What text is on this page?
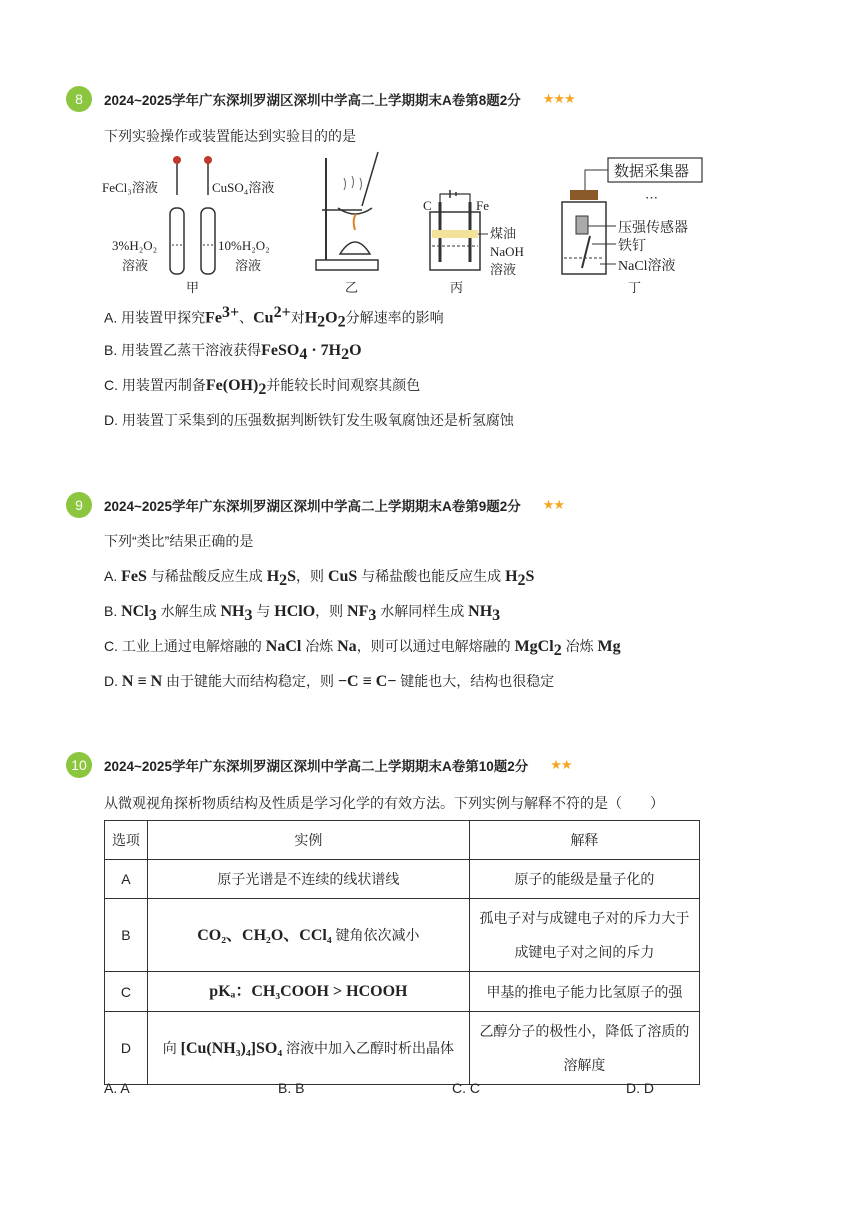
8	2024~2025学年广东深圳罗湖区深圳中学高二上学期期末A卷第8题2分 ★★★
下列实验操作或装置能达到实验目的的是
FeCl₃溶液	CuSO₄溶液
3%H₂O₂
溶液
10%H₂O₂
溶液
甲	乙
C	Fe
煤油
NaOH
溶液
丙
数据采集器
⋯
压强传感器
铁钉
NaCl溶液
丁
A. 用装置甲探究$Fe^{3+}$、$Cu^{2+}$对$H_2O_2$分解速率的影响
B. 用装置乙蒸干溶液获得FeSO$_4$ · $7H_2O$
C. 用装置丙制备$Fe(OH)_2$并能较长时间观察其颜色
D. 用装置丁采集到的压强数据判断铁钉发生吸氧腐蚀还是析氢腐蚀
9	2024~2025学年广东深圳罗湖区深圳中学高二上学期期末A卷第9题2分 ★★
下列“类比”结果正确的是
A. FeS 与稀盐酸反应生成 $H_2S$，则 CuS 与稀盐酸也能反应生成 $H_2S$
B. NCl$_3$ 水解生成 $NH_3$ 与 HClO，则 $NF_3$ 水解同样生成 $NH_3$
C. 工业上通过电解熔融的 NaCl 冶炼 Na，则可以通过电解熔融的 MgCl$_2$ 冶炼 Mg
D. N ≡ N 由于键能大而结构稳定，则 −C ≡ C− 键能也大，结构也很稳定
10	2024~2025学年广东深圳罗湖区深圳中学高二上学期期末A卷第10题2分 ★★
从微观视角探析物质结构及性质是学习化学的有效方法。下列实例与解释不符的是（　　）
选项	实例	解释
A	原子光谱是不连续的线状谱线	原子的能级是量子化的
B	CO₂、CH₂O、CCl₄ 键角依次减小	孤电子对与成键电子对的斥力大于成键电子对之间的斥力
C	pKₐ：CH₃COOH > HCOOH	甲基的推电子能力比氢原子的强
D	向 [Cu(NH₃)₄]SO₄ 溶液中加入乙醇时析出晶体	乙醇分子的极性小，降低了溶质的溶解度
A. A	B. B	C. C	D. D
